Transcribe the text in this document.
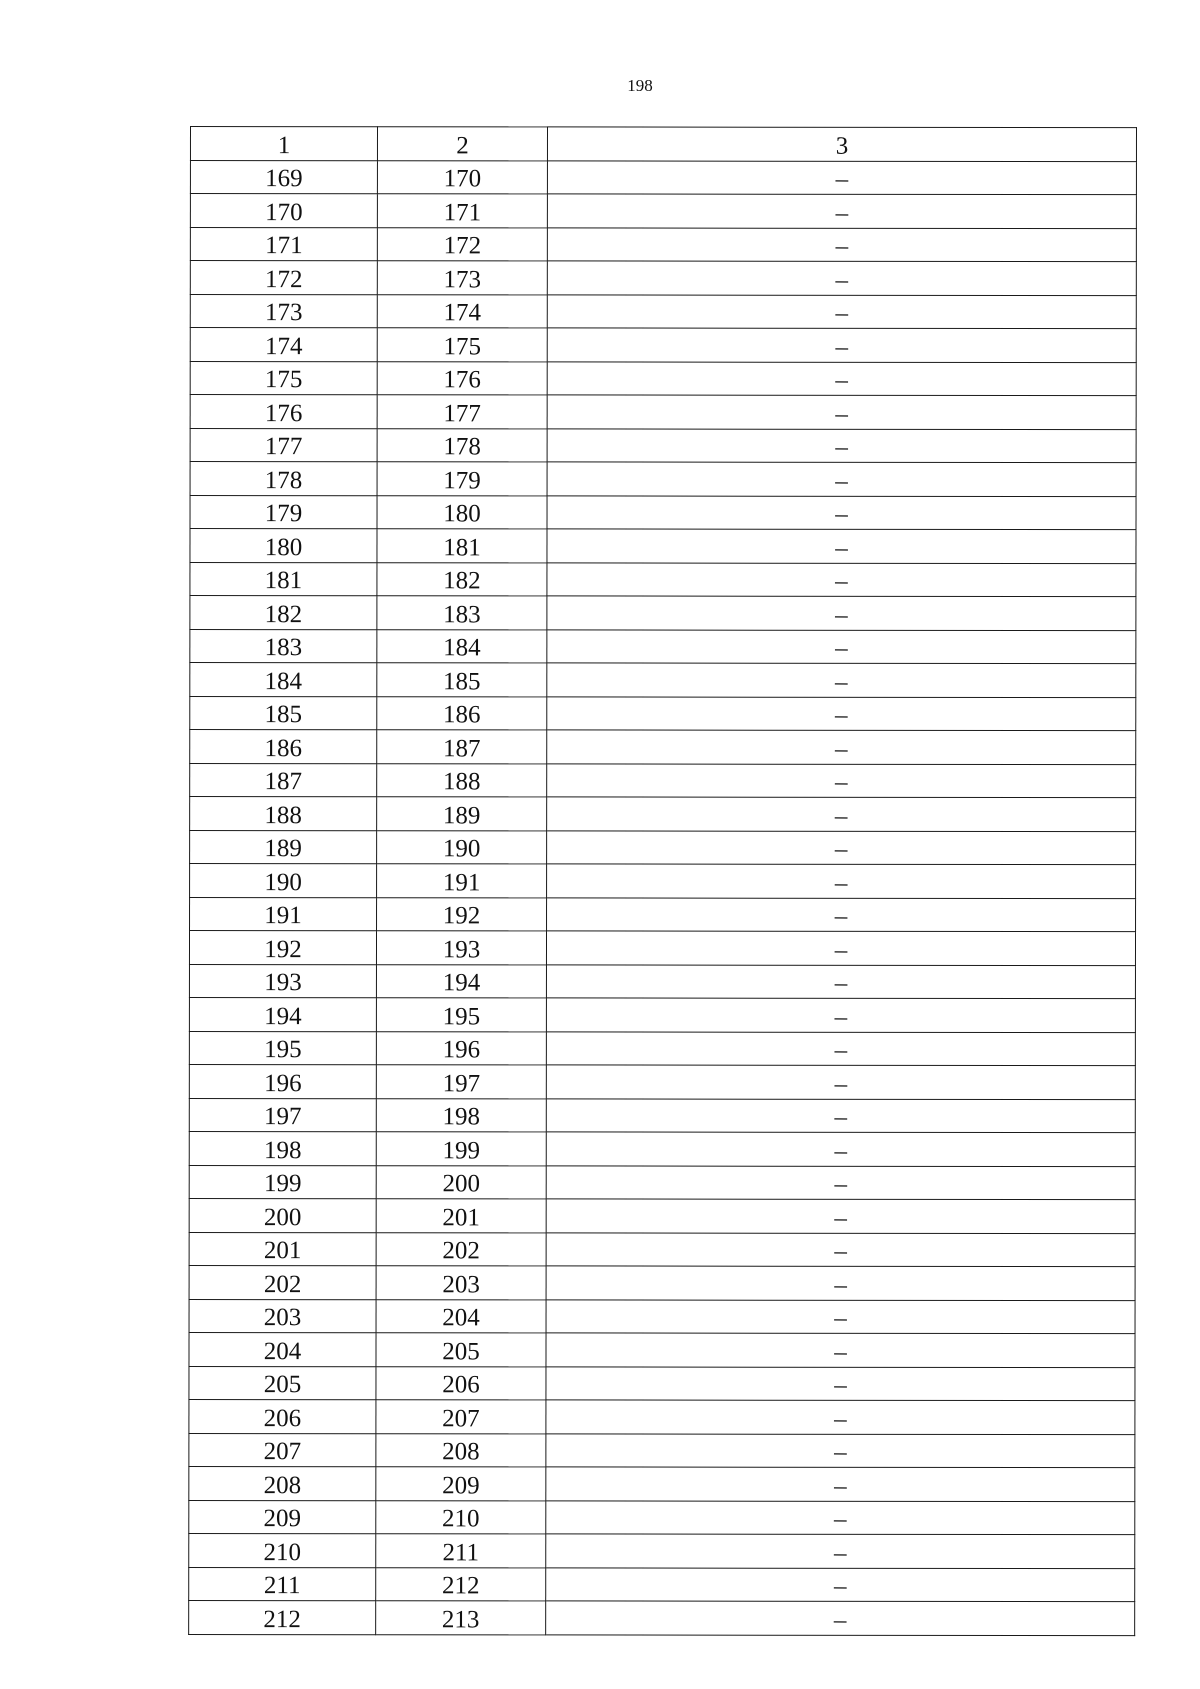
198
1	2	3
169	170	–
170	171	–
171	172	–
172	173	–
173	174	–
174	175	–
175	176	–
176	177	–
177	178	–
178	179	–
179	180	–
180	181	–
181	182	–
182	183	–
183	184	–
184	185	–
185	186	–
186	187	–
187	188	–
188	189	–
189	190	–
190	191	–
191	192	–
192	193	–
193	194	–
194	195	–
195	196	–
196	197	–
197	198	–
198	199	–
199	200	–
200	201	–
201	202	–
202	203	–
203	204	–
204	205	–
205	206	–
206	207	–
207	208	–
208	209	–
209	210	–
210	211	–
211	212	–
212	213	–
